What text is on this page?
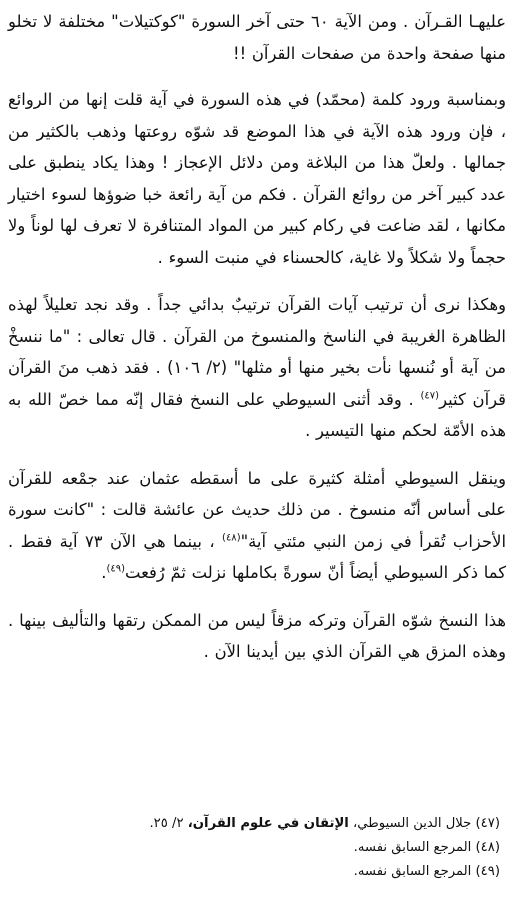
عليهـا القـرآن . ومن الآية ٦٠ حتى آخر السورة "كوكتيلات" مختلفة لا تخلو منها صفحة واحدة من صفحات القرآن !!

وبمناسبة ورود كلمة (محمّد) في هذه السورة في آية قلت إنها من الروائع ، فإن ورود هذه الآية في هذا الموضع قد شوّه روعتها وذهب بالكثير من جمالها . ولعلّ هذا من البلاغة ومن دلائل الإعجاز ! وهذا يكاد ينطبق على عدد كبير آخر من روائع القرآن . فكم من آية رائعة خبا ضوؤها لسوء اختيار مكانها ، لقد ضاعت في ركام كبير من المواد المتنافرة لا تعرف لها لوناً ولا حجماً ولا شكلاً ولا غاية، كالحسناء في منبت السوء .

وهكذا نرى أن ترتيب آيات القرآن ترتيبٌ بدائي جداً . وقد نجد تعليلاً لهذه الظاهرة الغريبة في الناسخ والمنسوخ من القرآن . قال تعالى : "ما ننسخْ من آية أو نُنسها نأت بخير منها أو مثلها" (٢/ ١٠٦) . فقد ذهب منَ القرآن قرآن كثير$^{(٤٧)}$ . وقد أثنى السيوطي على النسخ فقال إنّه مما خصّ الله به هذه الأمّة لحكم منها التيسير .

وينقل السيوطي أمثلة كثيرة على ما أسقطه عثمان عند جمْعه للقرآن على أساس أنّه منسوخ . من ذلك حديث عن عائشة قالت : "كانت سورة الأحزاب تُقرأ في زمن النبي مئتي آية"$^{(٤٨)}$ ، بينما هي الآن ٧٣ آية فقط . كما ذكر السيوطي أيضاً أنّ سورةً بكاملها نزلت ثمّ رُفعت$^{(٤٩)}$.

هذا النسخ شوّه القرآن وتركه مزقاً ليس من الممكن رتقها والتأليف بينها . وهذه المزق هي القرآن الذي بين أيدينا الآن .

(٤٧) جلال الدين السيوطي، الإتقان في علوم القرآن، ٢/ ٢٥.

(٤٨) المرجع السابق نفسه.

(٤٩) المرجع السابق نفسه.
